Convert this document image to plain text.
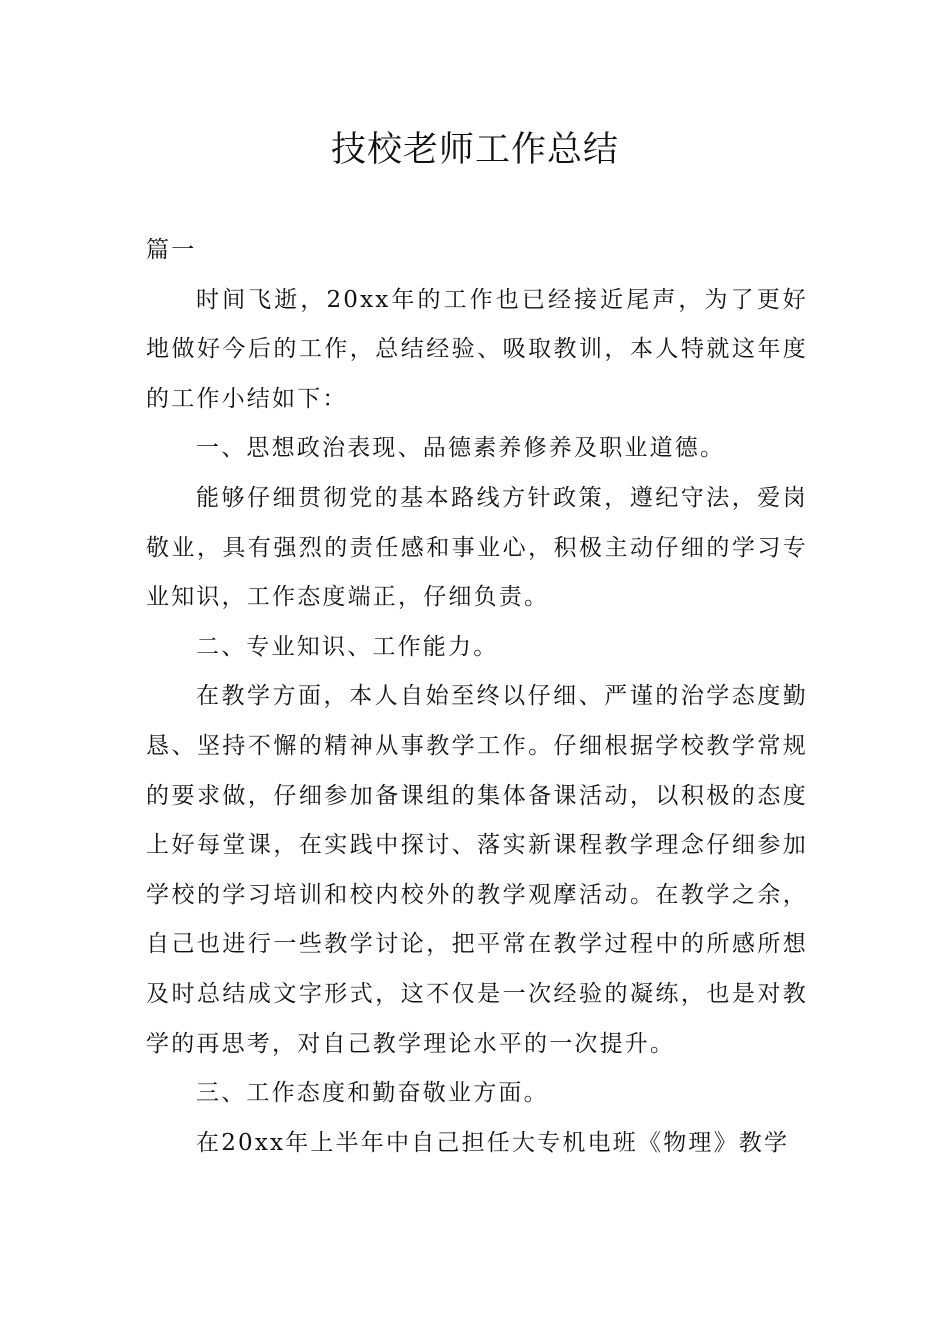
技校老师工作总结

篇一

时间飞逝，20xx年的工作也已经接近尾声，为了更好地做好今后的工作，总结经验、吸取教训，本人特就这年度的工作小结如下：

一、思想政治表现、品德素养修养及职业道德。

能够仔细贯彻党的基本路线方针政策，遵纪守法，爱岗敬业，具有强烈的责任感和事业心，积极主动仔细的学习专业知识，工作态度端正，仔细负责。

二、专业知识、工作能力。

在教学方面，本人自始至终以仔细、严谨的治学态度勤恳、坚持不懈的精神从事教学工作。仔细根据学校教学常规的要求做，仔细参加备课组的集体备课活动，以积极的态度上好每堂课，在实践中探讨、落实新课程教学理念仔细参加学校的学习培训和校内校外的教学观摩活动。在教学之余，自己也进行一些教学讨论，把平常在教学过程中的所感所想及时总结成文字形式，这不仅是一次经验的凝练，也是对教学的再思考，对自己教学理论水平的一次提升。

三、工作态度和勤奋敬业方面。

在20xx年上半年中自己担任大专机电班《物理》教学
